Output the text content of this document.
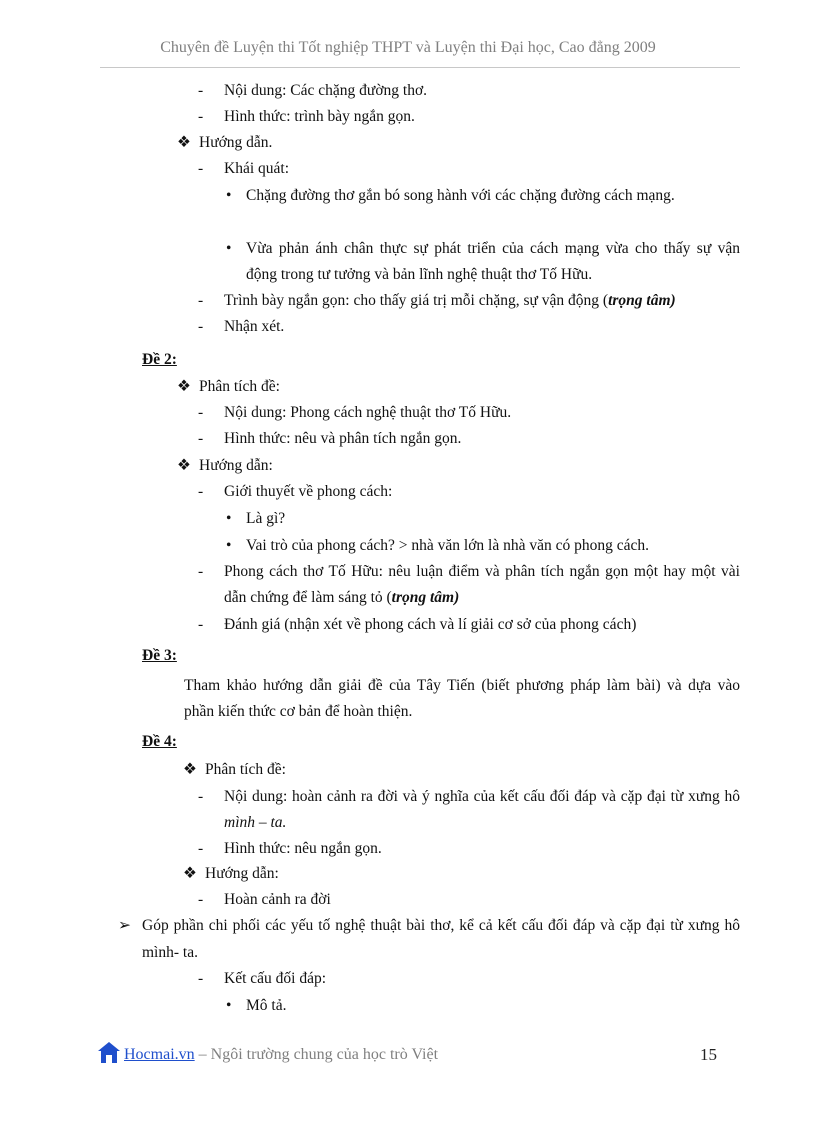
Chuyên đề Luyện thi Tốt nghiệp THPT và Luyện thi Đại học, Cao đẳng 2009
- Nội dung: Các chặng đường thơ.
- Hình thức: trình bày ngắn gọn.
❖ Hướng dẫn.
- Khái quát:
• Chặng đường thơ gắn bó song hành với các chặng đường cách mạng.
• Vừa phản ánh chân thực sự phát triển của cách mạng vừa cho thấy sự vận
động trong tư tưởng và bản lĩnh nghệ thuật thơ Tố Hữu.
- Trình bày ngắn gọn: cho thấy giá trị mỗi chặng, sự vận động (trọng tâm)
- Nhận xét.
Đề 2:
❖ Phân tích đề:
- Nội dung: Phong cách nghệ thuật thơ Tố Hữu.
- Hình thức: nêu và phân tích ngắn gọn.
❖ Hướng dẫn:
- Giới thuyết về phong cách:
• Là gì?
• Vai trò của phong cách? > nhà văn lớn là nhà văn có phong cách.
- Phong cách thơ Tố Hữu: nêu luận điểm và phân tích ngắn gọn một hay một vài
dẫn chứng để làm sáng tỏ (trọng tâm)
- Đánh giá (nhận xét về phong cách và lí giải cơ sở của phong cách)
Đề 3:
Tham khảo hướng dẫn giải đề của Tây Tiến (biết phương pháp làm bài) và dựa vào
phần kiến thức cơ bản để hoàn thiện.
Đề 4:
❖ Phân tích đề:
- Nội dung: hoàn cảnh ra đời và ý nghĩa của kết cấu đối đáp và cặp đại từ xưng hô
mình – ta.
- Hình thức: nêu ngắn gọn.
❖ Hướng dẫn:
- Hoàn cảnh ra đời
➢ Góp phần chi phối các yếu tố nghệ thuật bài thơ, kể cả kết cấu đối đáp và cặp đại từ xưng hô
mình- ta.
- Kết cấu đối đáp:
• Mô tả.
Hocmai.vn – Ngôi trường chung của học trò Việt	15
